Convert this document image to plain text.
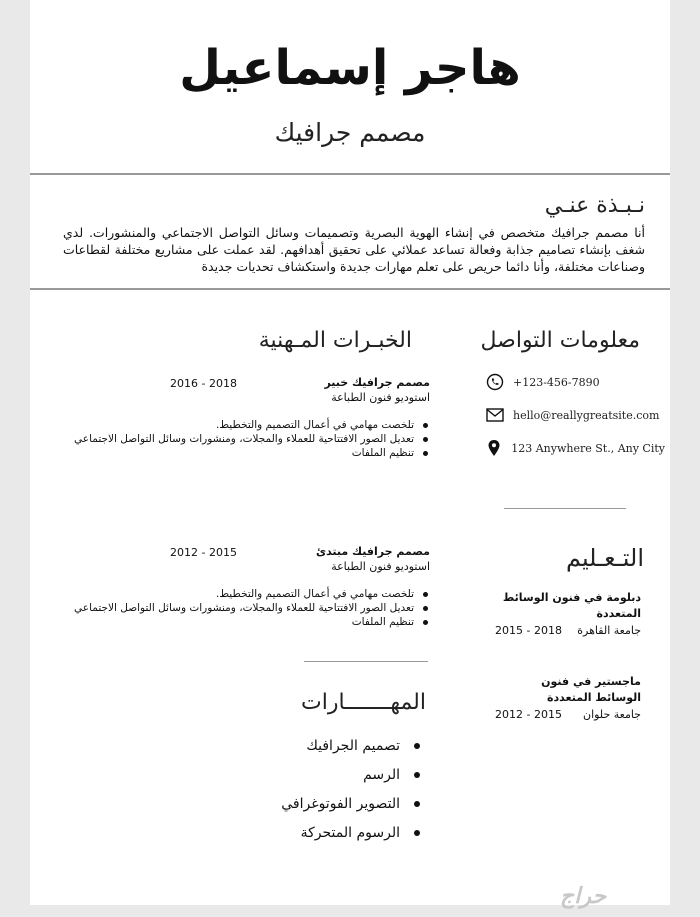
هاجر إسماعيل
مصمم جرافيك
نـبـذة عنـي
أنا مصمم جرافيك متخصص في إنشاء الهوية البصرية وتصميمات وسائل التواصل الاجتماعي والمنشورات. لدي شغف بإنشاء تصاميم جذابة وفعالة تساعد عملائي على تحقيق أهدافهم. لقد عملت على مشاريع مختلفة لقطاعات وصناعات مختلفة، وأنا دائما حريص على تعلم مهارات جديدة واستكشاف تحديات جديدة
معلومات التواصل
+123-456-7890
hello@reallygreatsite.com
123 Anywhere St., Any City
الخبـرات المـهنية
مصمم جرافيك خبير
استوديو فنون الطباعة
2016 - 2018
تلخصت مهامي في أعمال التصميم والتخطيط.
تعديل الصور الافتتاحية للعملاء والمجلات، ومنشورات وسائل التواصل الاجتماعي
تنظيم الملفات
مصمم جرافيك مبتدئ
استوديو فنون الطباعة
2012 - 2015
تلخصت مهامي في أعمال التصميم والتخطيط.
تعديل الصور الافتتاحية للعملاء والمجلات، ومنشورات وسائل التواصل الاجتماعي
تنظيم الملفات
التـعـليم
دبلومة في فنون الوسائط المتعددة
جامعة القاهرة
2015 - 2018
ماجستير في فنون الوسائط المتعددة
جامعة حلوان
2012 - 2015
المهـــــــارات
تصميم الجرافيك
الرسم
التصوير الفوتوغرافي
الرسوم المتحركة
حراج
